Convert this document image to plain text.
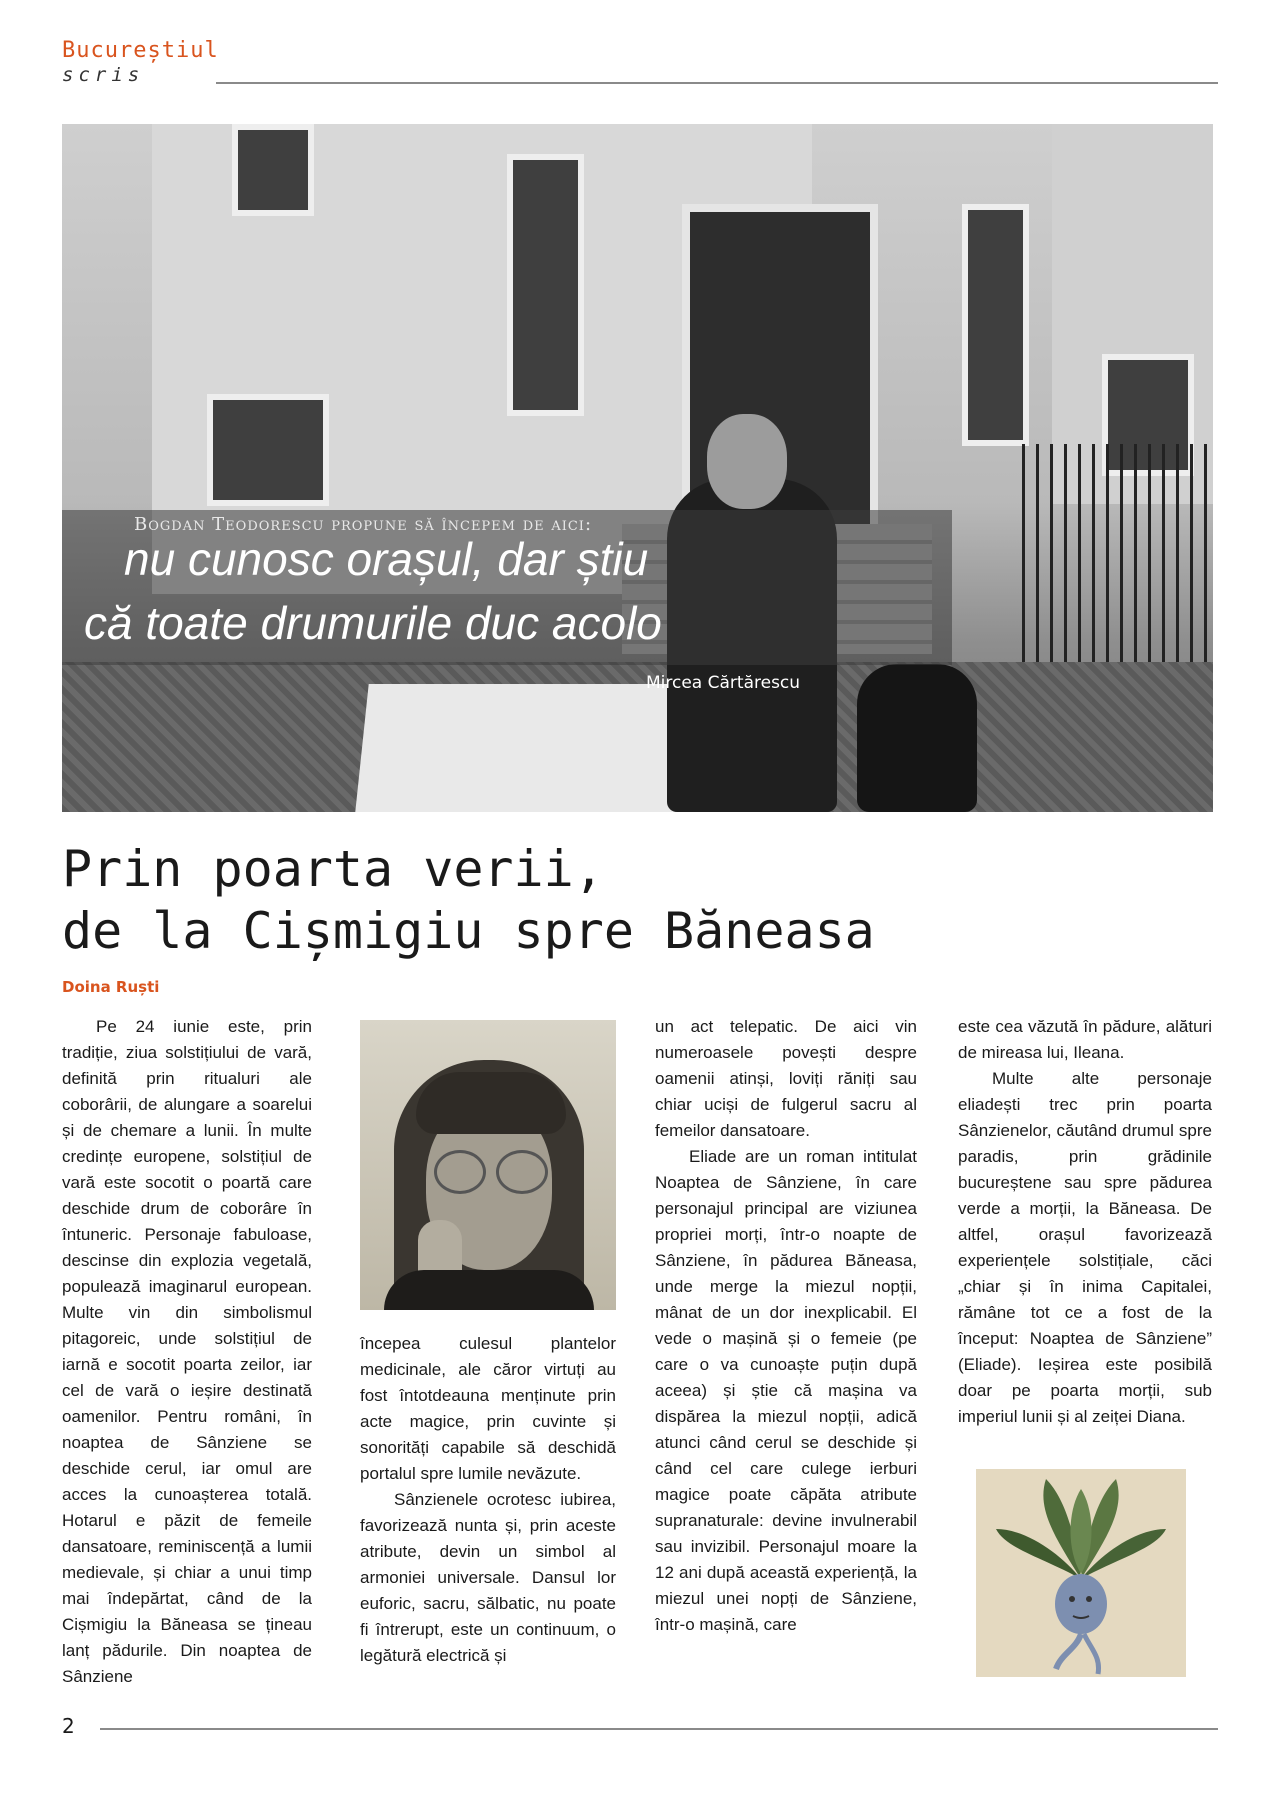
Bucureștiul
scris
Bogdan Teodorescu propune să începem de aici:
nu cunosc orașul, dar știu
că toate drumurile duc acolo
Mircea Cărtărescu
Prin poarta verii,
de la Cișmigiu spre Băneasa
Doina Ruști

Pe 24 iunie este, prin tradiție, ziua solstițiului de vară, definită prin ritualuri ale coborârii, de alungare a soarelui și de chemare a lunii. În multe credințe europene, solstițiul de vară este socotit o poartă care deschide drum de coborâre în întuneric. Personaje fabuloase, descinse din explozia vegetală, populează imaginarul european. Multe vin din simbolismul pitagoreic, unde solstițiul de iarnă e socotit poarta zeilor, iar cel de vară o ieșire destinată oamenilor. Pentru români, în noaptea de Sânziene se deschide cerul, iar omul are acces la cunoașterea totală. Hotarul e păzit de femeile dansatoare, reminiscență a lumii medievale, și chiar a unui timp mai îndepărtat, când de la Cișmigiu la Băneasa se țineau lanț pădurile. Din noaptea de Sânziene

începea culesul plantelor medicinale, ale căror virtuți au fost întotdeauna menținute prin acte magice, prin cuvinte și sonorități capabile să deschidă portalul spre lumile nevăzute.

Sânzienele ocrotesc iubirea, favorizează nunta și, prin aceste atribute, devin un simbol al armoniei universale. Dansul lor euforic, sacru, sălbatic, nu poate fi întrerupt, este un continuum, o legătură electrică și

un act telepatic. De aici vin numeroasele povești despre oamenii atinși, loviți răniți sau chiar uciși de fulgerul sacru al femeilor dansatoare.

Eliade are un roman intitulat Noaptea de Sânziene, în care personajul principal are viziunea propriei morți, într-o noapte de Sânziene, în pădurea Băneasa, unde merge la miezul nopții, mânat de un dor inexplicabil. El vede o mașină și o femeie (pe care o va cunoaște puțin după aceea) și știe că mașina va dispărea la miezul nopții, adică atunci când cerul se deschide și când cel care culege ierburi magice poate căpăta atribute supranaturale: devine invulnerabil sau invizibil. Personajul moare la 12 ani după această experiență, la miezul unei nopți de Sânziene, într-o mașină, care

este cea văzută în pădure, alături de mireasa lui, Ileana.

Multe alte personaje eliadești trec prin poarta Sânzienelor, căutând drumul spre paradis, prin grădinile bucureștene sau spre pădurea verde a morții, la Băneasa. De altfel, orașul favorizează experiențele solstițiale, căci „chiar și în inima Capitalei, rămâne tot ce a fost de la început: Noaptea de Sânziene” (Eliade). Ieșirea este posibilă doar pe poarta morții, sub imperiul lunii și al zeiței Diana.

2
